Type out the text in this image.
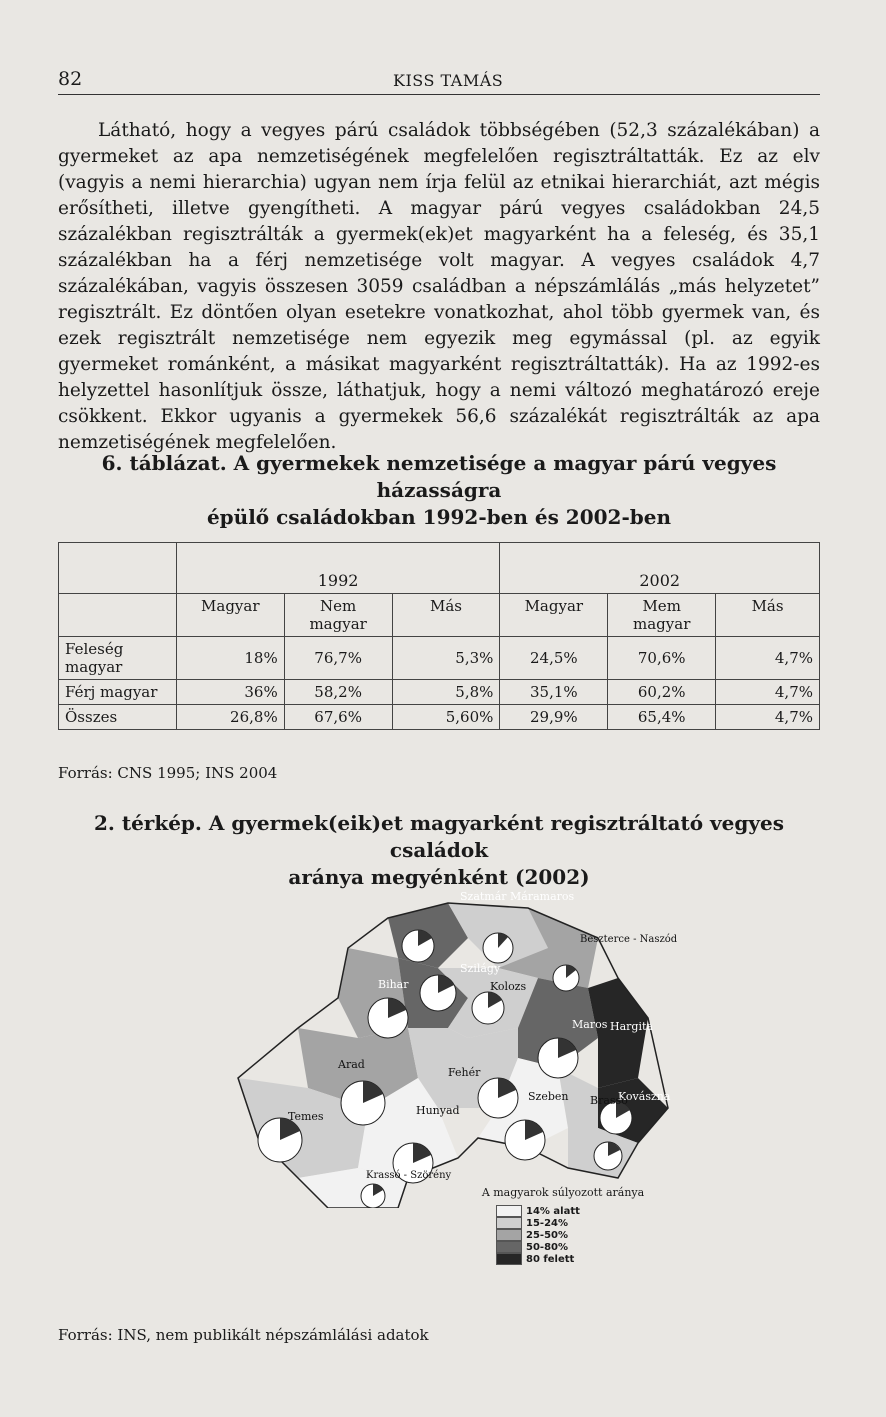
82	KISS TAMÁS

Látható, hogy a vegyes párú családok többségében (52,3 százalékában) a gyermeket az apa nemzetiségének megfelelően regisztráltatták. Ez az elv (vagyis a nemi hierarchia) ugyan nem írja felül az etnikai hierarchiát, azt mégis erősítheti, illetve gyengítheti. A magyar párú vegyes családokban 24,5 százalékban regisztrálták a gyermek(ek)et magyarként ha a feleség, és 35,1 százalékban ha a férj nemzetisége volt magyar. A vegyes családok 4,7 százalékában, vagyis összesen 3059 családban a népszámlálás „más helyzetet” regisztrált. Ez döntően olyan esetekre vonatkozhat, ahol több gyermek van, és ezek regisztrált nemzetisége nem egyezik meg egymással (pl. az egyik gyermeket románként, a másikat magyarként regisztráltatták). Ha az 1992-es helyzettel hasonlítjuk össze, láthatjuk, hogy a nemi változó meghatározó ereje csökkent. Ekkor ugyanis a gyermekek 56,6 százalékát regisztrálták az apa nemzetiségének megfelelően.

6. táblázat. A gyermekek nemzetisége a magyar párú vegyes házasságra
épülő családokban 1992-ben és 2002-ben
	1992			2002		
	Magyar	Nem magyar	Más	Magyar	Mem magyar	Más
Feleség magyar	18%	76,7%	5,3%	24,5%	70,6%	4,7%
Férj magyar	36%	58,2%	5,8%	35,1%	60,2%	4,7%
Összes	26,8%	67,6%	5,60%	29,9%	65,4%	4,7%
Forrás: CNS 1995; INS 2004
2. térkép. A gyermek(eik)et magyarként regisztráltató vegyes családok
aránya megyénként (2002)
Szatmár Máramaros
Beszterce - Naszód
Szilágy
Bihar	Kolozs
Maros Hargita
Arad
Fehér
Kovászna
Temes	Hunyad
Szeben Brassó
Krassó - Szörény
A magyarok súlyozott aránya
14% alatt
15-24%
25-50%
50-80%
80 felett
Forrás: INS, nem publikált népszámlálási adatok
